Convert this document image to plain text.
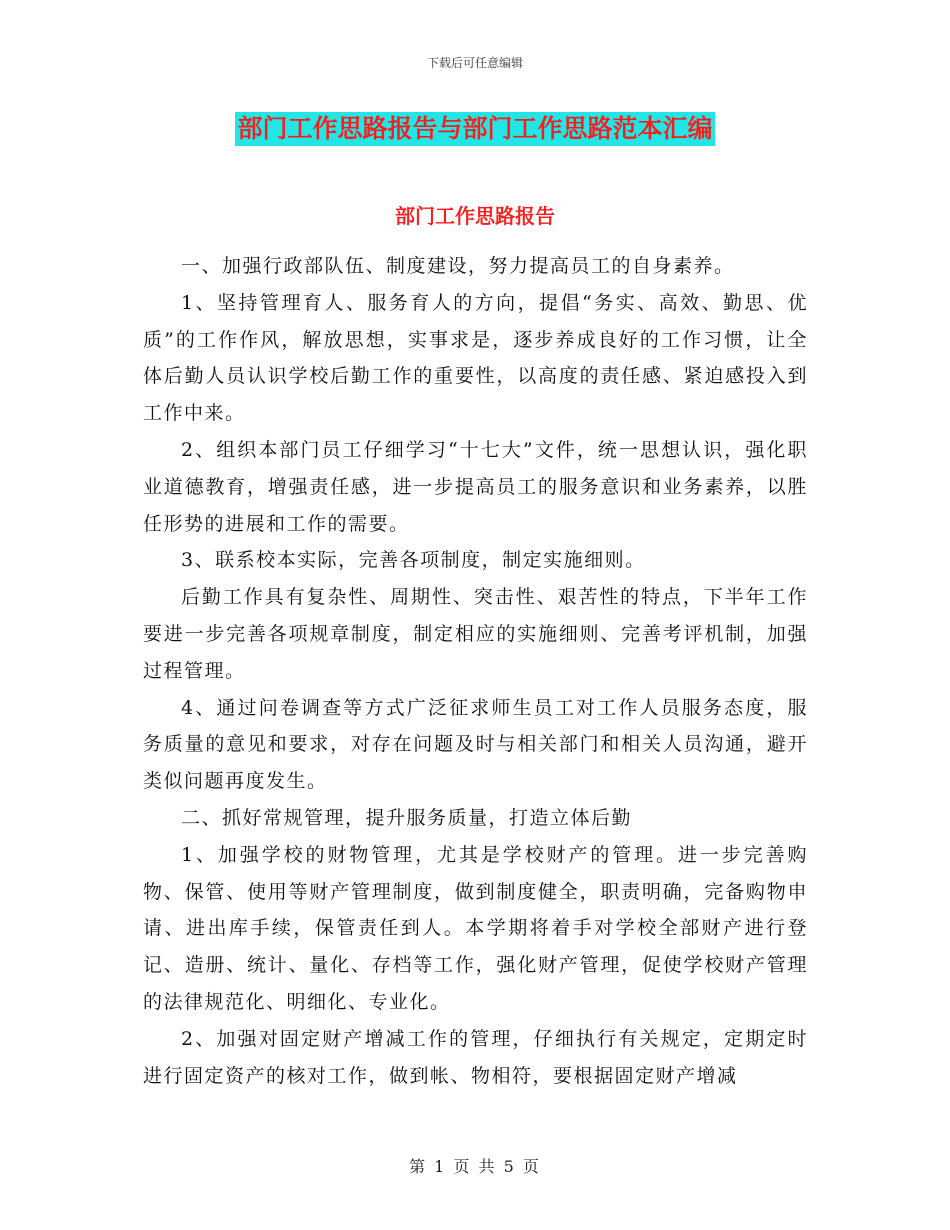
下载后可任意编辑
部门工作思路报告与部门工作思路范本汇编
部门工作思路报告

一、加强行政部队伍、制度建设，努力提高员工的自身素养。

1、坚持管理育人、服务育人的方向，提倡“务实、高效、勤思、优质”的工作作风，解放思想，实事求是，逐步养成良好的工作习惯，让全体后勤人员认识学校后勤工作的重要性，以高度的责任感、紧迫感投入到工作中来。

2、组织本部门员工仔细学习“十七大”文件，统一思想认识，强化职业道德教育，增强责任感，进一步提高员工的服务意识和业务素养，以胜任形势的进展和工作的需要。

3、联系校本实际，完善各项制度，制定实施细则。

后勤工作具有复杂性、周期性、突击性、艰苦性的特点，下半年工作要进一步完善各项规章制度，制定相应的实施细则、完善考评机制，加强过程管理。

4、通过问卷调查等方式广泛征求师生员工对工作人员服务态度，服务质量的意见和要求，对存在问题及时与相关部门和相关人员沟通，避开类似问题再度发生。

二、抓好常规管理，提升服务质量，打造立体后勤

1、加强学校的财物管理，尤其是学校财产的管理。进一步完善购物、保管、使用等财产管理制度，做到制度健全，职责明确，完备购物申请、进出库手续，保管责任到人。本学期将着手对学校全部财产进行登记、造册、统计、量化、存档等工作，强化财产管理，促使学校财产管理的法律规范化、明细化、专业化。

2、加强对固定财产增减工作的管理，仔细执行有关规定，定期定时进行固定资产的核对工作，做到帐、物相符，要根据固定财产增减

第 1 页 共 5 页
